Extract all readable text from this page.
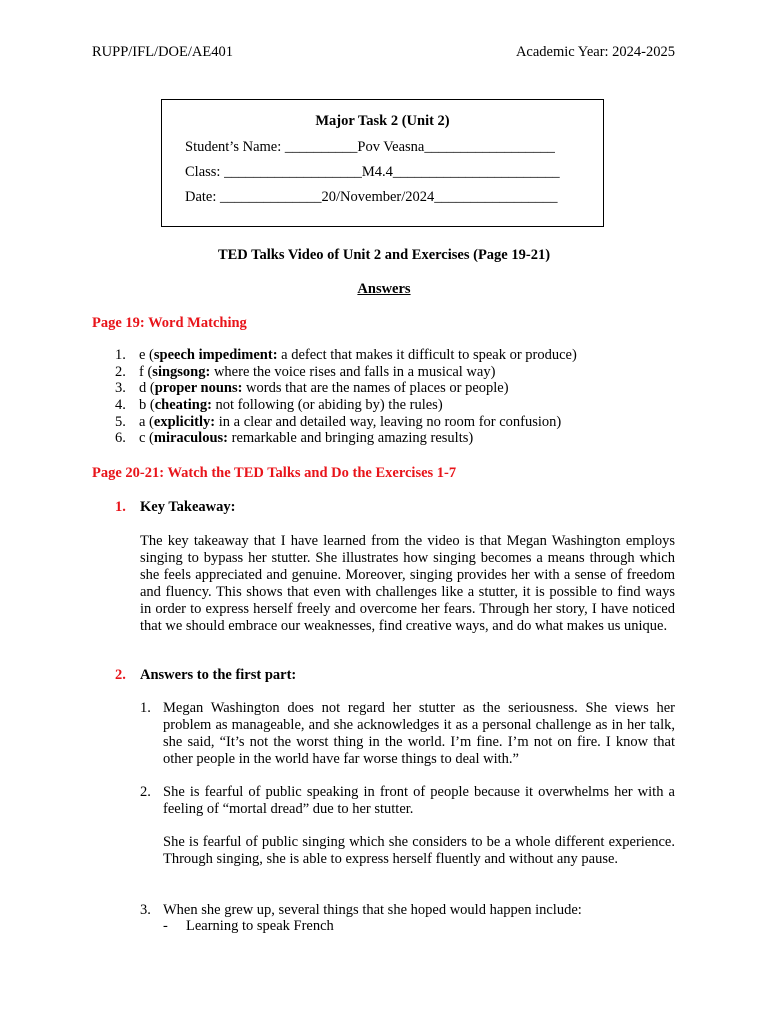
RUPP/IFL/DOE/AE401	Academic Year: 2024-2025
Major Task 2 (Unit 2)
Student’s Name: __________Pov Veasna__________________
Class: ___________________M4.4_______________________
Date: ______________20/November/2024_________________
TED Talks Video of Unit 2 and Exercises (Page 19-21)
Answers
Page 19: Word Matching
1. e (speech impediment: a defect that makes it difficult to speak or produce)
2. f (singsong: where the voice rises and falls in a musical way)
3. d (proper nouns: words that are the names of places or people)
4. b (cheating: not following (or abiding by) the rules)
5. a (explicitly: in a clear and detailed way, leaving no room for confusion)
6. c (miraculous: remarkable and bringing amazing results)
Page 20-21: Watch the TED Talks and Do the Exercises 1-7
1. Key Takeaway:
The key takeaway that I have learned from the video is that Megan Washington employs singing to bypass her stutter. She illustrates how singing becomes a means through which she feels appreciated and genuine. Moreover, singing provides her with a sense of freedom and fluency. This shows that even with challenges like a stutter, it is possible to find ways in order to express herself freely and overcome her fears. Through her story, I have noticed that we should embrace our weaknesses, find creative ways, and do what makes us unique.
2. Answers to the first part:
1. Megan Washington does not regard her stutter as the seriousness. She views her problem as manageable, and she acknowledges it as a personal challenge as in her talk, she said, “It’s not the worst thing in the world. I’m fine. I’m not on fire. I know that other people in the world have far worse things to deal with.”
2. She is fearful of public speaking in front of people because it overwhelms her with a feeling of “mortal dread” due to her stutter.
She is fearful of public singing which she considers to be a whole different experience. Through singing, she is able to express herself fluently and without any pause.
3. When she grew up, several things that she hoped would happen include:
- Learning to speak French
